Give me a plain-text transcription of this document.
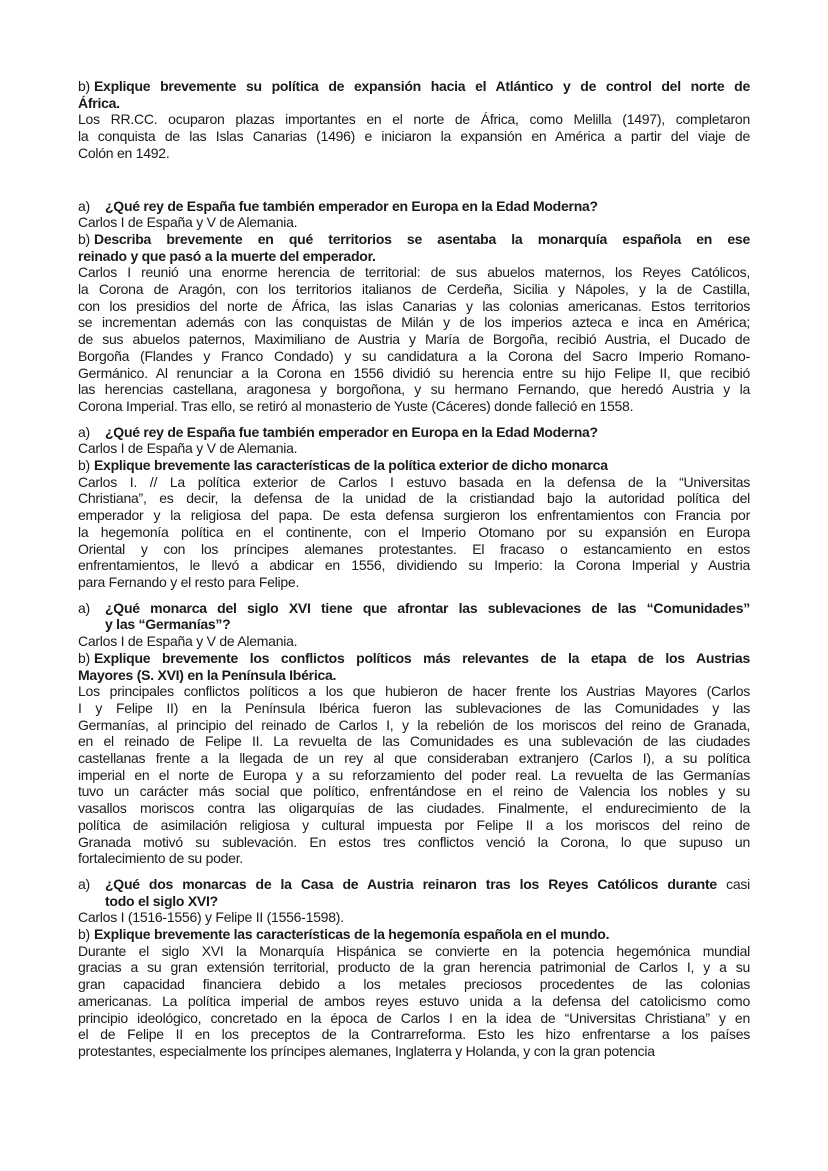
b) Explique brevemente su política de expansión hacia el Atlántico y de control del norte de
África.
Los RR.CC. ocuparon plazas importantes en el norte de África, como Melilla (1497), completaron
la conquista de las Islas Canarias (1496) e iniciaron la expansión en América a partir del viaje de
Colón en 1492.
a) ¿Qué rey de España fue también emperador en Europa en la Edad Moderna?
Carlos I de España y V de Alemania.
b) Describa brevemente en qué territorios se asentaba la monarquía española en ese
reinado y que pasó a la muerte del emperador.
Carlos I reunió una enorme herencia de territorial: de sus abuelos maternos, los Reyes Católicos,
la Corona de Aragón, con los territorios italianos de Cerdeña, Sicilia y Nápoles, y la de Castilla,
con los presidios del norte de África, las islas Canarias y las colonias americanas. Estos territorios
se incrementan además con las conquistas de Milán y de los imperios azteca e inca en América;
de sus abuelos paternos, Maximiliano de Austria y María de Borgoña, recibió Austria, el Ducado de
Borgoña (Flandes y Franco Condado) y su candidatura a la Corona del Sacro Imperio Romano-
Germánico. Al renunciar a la Corona en 1556 dividió su herencia entre su hijo Felipe II, que recibió
las herencias castellana, aragonesa y borgoñona, y su hermano Fernando, que heredó Austria y la
Corona Imperial. Tras ello, se retiró al monasterio de Yuste (Cáceres) donde falleció en 1558.
a) ¿Qué rey de España fue también emperador en Europa en la Edad Moderna?
Carlos I de España y V de Alemania.
b) Explique brevemente las características de la política exterior de dicho monarca
Carlos I. // La política exterior de Carlos I estuvo basada en la defensa de la “Universitas
Christiana”, es decir, la defensa de la unidad de la cristiandad bajo la autoridad política del
emperador y la religiosa del papa. De esta defensa surgieron los enfrentamientos con Francia por
la hegemonía política en el continente, con el Imperio Otomano por su expansión en Europa
Oriental y con los príncipes alemanes protestantes. El fracaso o estancamiento en estos
enfrentamientos, le llevó a abdicar en 1556, dividiendo su Imperio: la Corona Imperial y Austria
para Fernando y el resto para Felipe.
a) ¿Qué monarca del siglo XVI tiene que afrontar las sublevaciones de las “Comunidades”
y las “Germanías”?
Carlos I de España y V de Alemania.
b) Explique brevemente los conflictos políticos más relevantes de la etapa de los Austrias
Mayores (S. XVI) en la Península Ibérica.
Los principales conflictos políticos a los que hubieron de hacer frente los Austrias Mayores (Carlos
I y Felipe II) en la Península Ibérica fueron las sublevaciones de las Comunidades y las
Germanías, al principio del reinado de Carlos I, y la rebelión de los moriscos del reino de Granada,
en el reinado de Felipe II. La revuelta de las Comunidades es una sublevación de las ciudades
castellanas frente a la llegada de un rey al que consideraban extranjero (Carlos I), a su política
imperial en el norte de Europa y a su reforzamiento del poder real. La revuelta de las Germanías
tuvo un carácter más social que político, enfrentándose en el reino de Valencia los nobles y su
vasallos moriscos contra las oligarquías de las ciudades. Finalmente, el endurecimiento de la
política de asimilación religiosa y cultural impuesta por Felipe II a los moriscos del reino de
Granada motivó su sublevación. En estos tres conflictos venció la Corona, lo que supuso un
fortalecimiento de su poder.
a) ¿Qué dos monarcas de la Casa de Austria reinaron tras los Reyes Católicos durante casi
todo el siglo XVI?
Carlos I (1516-1556) y Felipe II (1556-1598).
b) Explique brevemente las características de la hegemonía española en el mundo.
Durante el siglo XVI la Monarquía Hispánica se convierte en la potencia hegemónica mundial
gracias a su gran extensión territorial, producto de la gran herencia patrimonial de Carlos I, y a su
gran capacidad financiera debido a los metales preciosos procedentes de las colonias
americanas. La política imperial de ambos reyes estuvo unida a la defensa del catolicismo como
principio ideológico, concretado en la época de Carlos I en la idea de “Universitas Christiana” y en
el de Felipe II en los preceptos de la Contrarreforma. Esto les hizo enfrentarse a los países
protestantes, especialmente los príncipes alemanes, Inglaterra y Holanda, y con la gran potencia
